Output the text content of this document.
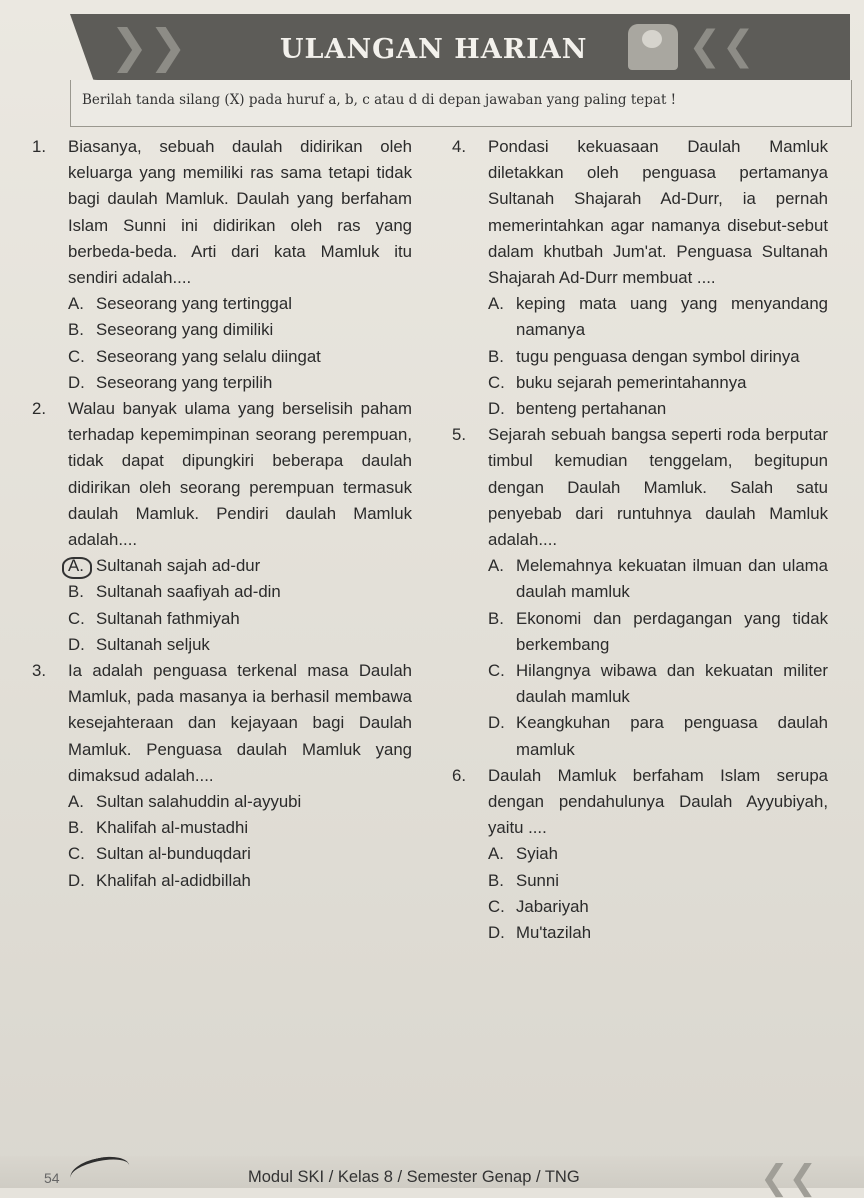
❯❯	ULANGAN HARIAN	❮❮
Berilah tanda silang (X) pada huruf a, b, c atau d di depan jawaban yang paling tepat !
1.	Biasanya, sebuah daulah didirikan oleh keluarga yang memiliki ras sama tetapi tidak bagi daulah Mamluk. Daulah yang berfaham Islam Sunni ini didirikan oleh ras yang berbeda-beda. Arti dari kata Mamluk itu sendiri adalah....
A. Seseorang yang tertinggal
B. Seseorang yang dimiliki
C. Seseorang yang selalu diingat
D. Seseorang yang terpilih
2.	Walau banyak ulama yang berselisih paham terhadap kepemimpinan seorang perempuan, tidak dapat dipungkiri beberapa daulah didirikan oleh seorang perempuan termasuk daulah Mamluk. Pendiri daulah Mamluk adalah....
A. Sultanah sajah ad-dur
B. Sultanah saafiyah ad-din
C. Sultanah fathmiyah
D. Sultanah seljuk
3.	Ia adalah penguasa terkenal masa Daulah Mamluk, pada masanya ia berhasil membawa kesejahteraan dan kejayaan bagi Daulah Mamluk. Penguasa daulah Mamluk yang dimaksud adalah....
A. Sultan salahuddin al-ayyubi
B. Khalifah al-mustadhi
C. Sultan al-bunduqdari
D. Khalifah al-adidbillah
4.	Pondasi kekuasaan Daulah Mamluk diletakkan oleh penguasa pertamanya Sultanah Shajarah Ad-Durr, ia pernah memerintahkan agar namanya disebut-sebut dalam khutbah Jum'at. Penguasa Sultanah Shajarah Ad-Durr membuat ....
A. keping mata uang yang menyandang namanya
B. tugu penguasa dengan symbol dirinya
C. buku sejarah pemerintahannya
D. benteng pertahanan
5.	Sejarah sebuah bangsa seperti roda berputar timbul kemudian tenggelam, begitupun dengan Daulah Mamluk. Salah satu penyebab dari runtuhnya daulah Mamluk adalah....
A. Melemahnya kekuatan ilmuan dan ulama daulah mamluk
B. Ekonomi dan perdagangan yang tidak berkembang
C. Hilangnya wibawa dan kekuatan militer daulah mamluk
D. Keangkuhan para penguasa daulah mamluk
6.	Daulah Mamluk berfaham Islam serupa dengan pendahulunya Daulah Ayyubiyah, yaitu ....
A. Syiah
B. Sunni
C. Jabariyah
D. Mu'tazilah
54	Modul SKI / Kelas 8 / Semester Genap / TNG	❮❮
